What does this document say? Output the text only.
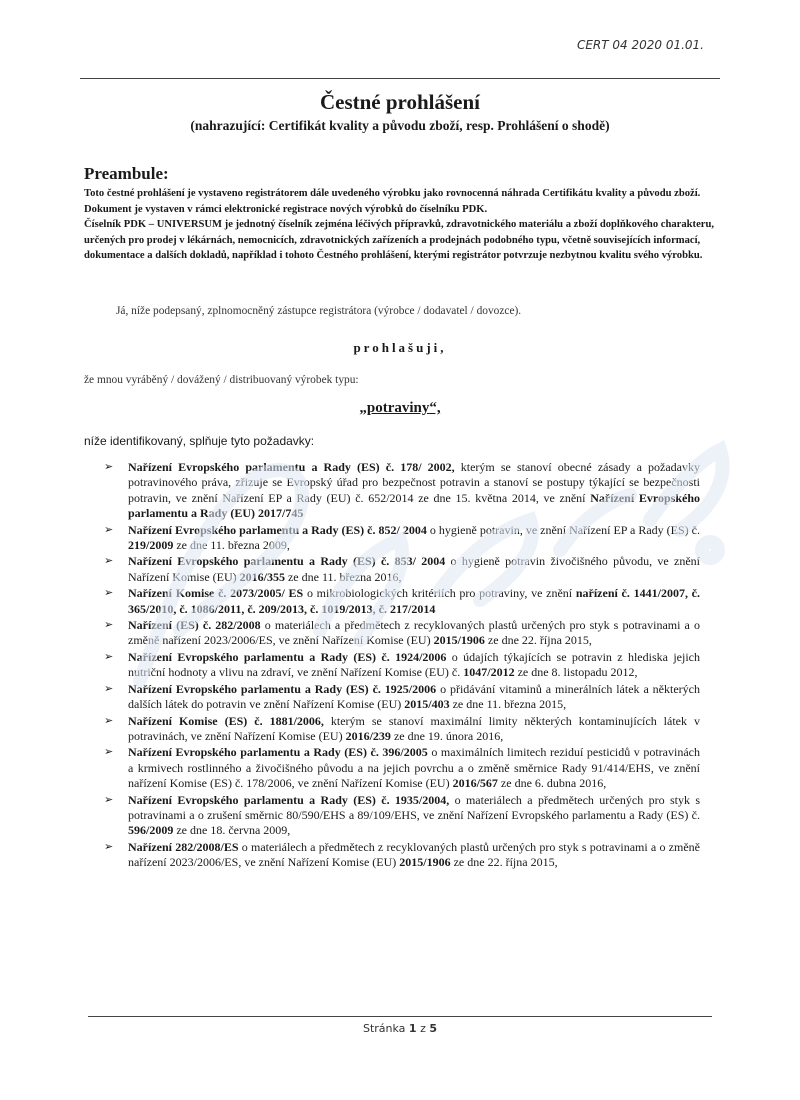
CERT 04 2020 01.01.
Čestné prohlášení
(nahrazující: Certifikát kvality a původu zboží, resp. Prohlášení o shodě)
Preambule:

Toto čestné prohlášení je vystaveno registrátorem dále uvedeného výrobku jako rovnocenná náhrada Certifikátu kvality a původu zboží.

Dokument je vystaven v rámci elektronické registrace nových výrobků do číselníku PDK.

Číselník PDK – UNIVERSUM je jednotný číselník zejména léčivých přípravků, zdravotnického materiálu a zboží doplňkového charakteru, určených pro prodej v lékárnách, nemocnicích, zdravotnických zařízeních a prodejnách podobného typu, včetně souvisejících informací, dokumentace a dalších dokladů, například i tohoto Čestného prohlášení, kterými registrátor potvrzuje nezbytnou kvalitu svého výrobku.

Já, níže podepsaný, zplnomocněný zástupce registrátora (výrobce / dodavatel / dovozce).
prohlašuji,
že mnou vyráběný / dovážený / distribuovaný výrobek typu:
„potraviny“,
níže identifikovaný, splňuje tyto požadavky:
➢ Nařízení Evropského parlamentu a Rady (ES) č. 178/ 2002, kterým se stanoví obecné zásady a požadavky potravinového práva, zřizuje se Evropský úřad pro bezpečnost potravin a stanoví se postupy týkající se bezpečnosti potravin, ve znění Nařízení EP a Rady (EU) č. 652/2014 ze dne 15. května 2014, ve znění Nařízení Evropského parlamentu a Rady (EU) 2017/745
➢ Nařízení Evropského parlamentu a Rady (ES) č. 852/ 2004 o hygieně potravin, ve znění Nařízení EP a Rady (ES) č. 219/2009 ze dne 11. března 2009,
➢ Nařízení Evropského parlamentu a Rady (ES) č. 853/ 2004 o hygieně potravin živočišného původu, ve znění Nařízení Komise (EU) 2016/355 ze dne 11. března 2016,
➢ Nařízení Komise č. 2073/2005/ ES o mikrobiologických kritériích pro potraviny, ve znění nařízení č. 1441/2007, č. 365/2010, č. 1086/2011, č. 209/2013, č. 1019/2013, č. 217/2014
➢ Nařízení (ES) č. 282/2008 o materiálech a předmětech z recyklovaných plastů určených pro styk s potravinami a o změně nařízení 2023/2006/ES, ve znění Nařízení Komise (EU) 2015/1906 ze dne 22. října 2015,
➢ Nařízení Evropského parlamentu a Rady (ES) č. 1924/2006 o údajích týkajících se potravin z hlediska jejich nutriční hodnoty a vlivu na zdraví, ve znění Nařízení Komise (EU) č. 1047/2012 ze dne 8. listopadu 2012,
➢ Nařízení Evropského parlamentu a Rady (ES) č. 1925/2006 o přidávání vitaminů a minerálních látek a některých dalších látek do potravin ve znění Nařízení Komise (EU) 2015/403 ze dne 11. března 2015,
➢ Nařízení Komise (ES) č. 1881/2006, kterým se stanoví maximální limity některých kontaminujících látek v potravinách, ve znění Nařízení Komise (EU) 2016/239 ze dne 19. února 2016,
➢ Nařízení Evropského parlamentu a Rady (ES) č. 396/2005 o maximálních limitech reziduí pesticidů v potravinách a krmivech rostlinného a živočišného původu a na jejich povrchu a o změně směrnice Rady 91/414/EHS, ve znění nařízení Komise (ES) č. 178/2006, ve znění Nařízení Komise (EU) 2016/567 ze dne 6. dubna 2016,
➢ Nařízení Evropského parlamentu a Rady (ES) č. 1935/2004, o materiálech a předmětech určených pro styk s potravinami a o zrušení směrnic 80/590/EHS a 89/109/EHS, ve znění Nařízení Evropského parlamentu a Rady (ES) č. 596/2009 ze dne 18. června 2009,
➢ Nařízení 282/2008/ES o materiálech a předmětech z recyklovaných plastů určených pro styk s potravinami a o změně nařízení 2023/2006/ES, ve znění Nařízení Komise (EU) 2015/1906 ze dne 22. října 2015,
Stránka 1 z 5
